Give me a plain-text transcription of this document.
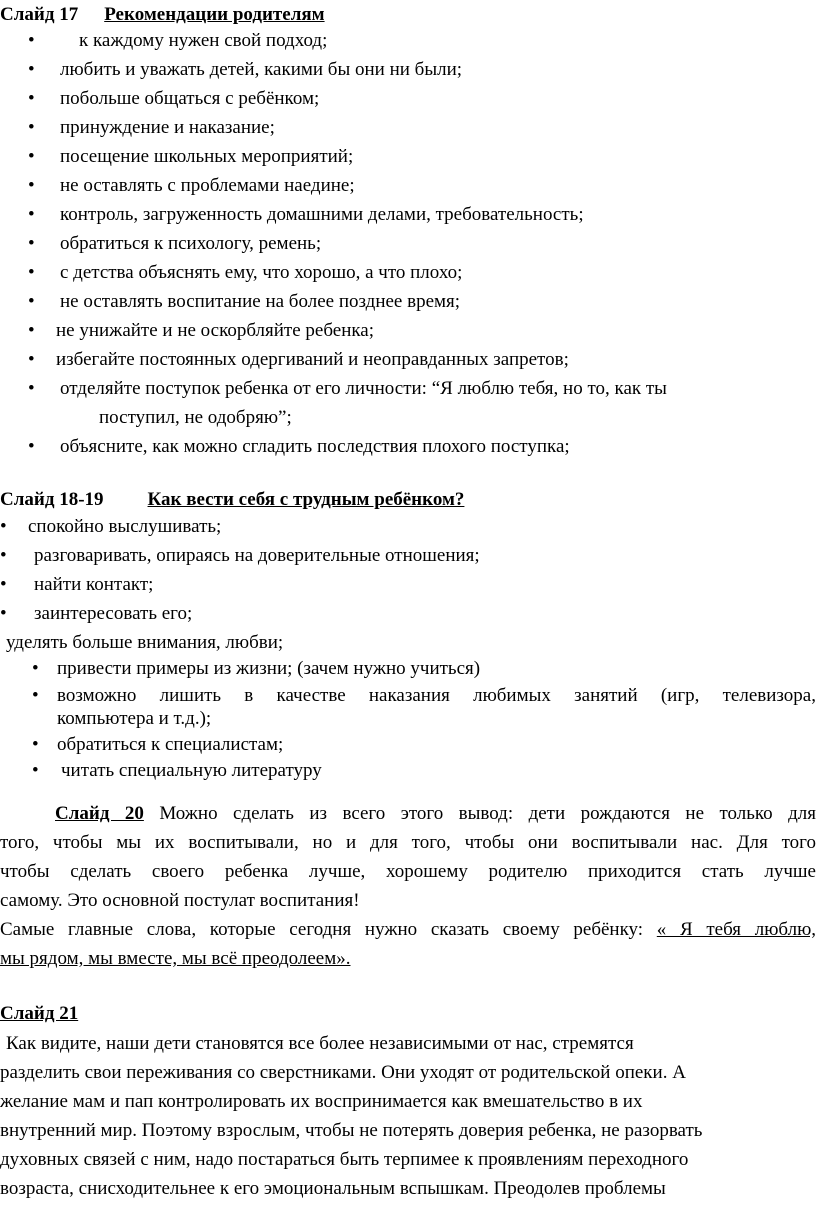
Слайд 17 Рекомендации родителям
• к каждому нужен свой подход;
• любить и уважать детей, какими бы они ни были;
• побольше общаться с ребёнком;
• принуждение и наказание;
• посещение школьных мероприятий;
• не оставлять с проблемами наедине;
• контроль, загруженность домашними делами, требовательность;
• обратиться к психологу, ремень;
• с детства объяснять ему, что хорошо, а что плохо;
• не оставлять воспитание на более позднее время;
• не унижайте и не оскорбляйте ребенка;
• избегайте постоянных одергиваний и неоправданных запретов;
• отделяйте поступок ребенка от его личности: “Я люблю тебя, но то, как ты
поступил, не одобряю”;
• объясните, как можно сгладить последствия плохого поступка;
Слайд 18-19 Как вести себя с трудным ребёнком?
• спокойно выслушивать;
• разговаривать, опираясь на доверительные отношения;
• найти контакт;
• заинтересовать его;
уделять больше внимания, любви;
• привести примеры из жизни; (зачем нужно учиться)
• возможно лишить в качестве наказания любимых занятий (игр, телевизора,
компьютера и т.д.);
• обратиться к специалистам;
• читать специальную литературу
Слайд 20 Можно сделать из всего этого вывод: дети рождаются не только для
того, чтобы мы их воспитывали, но и для того, чтобы они воспитывали нас. Для того
чтобы сделать своего ребенка лучше, хорошему родителю приходится стать лучше
самому. Это основной постулат воспитания!
Самые главные слова, которые сегодня нужно сказать своему ребёнку: « Я тебя люблю,
мы рядом, мы вместе, мы всё преодолеем».
Слайд 21
Как видите, наши дети становятся все более независимыми от нас, стремятся
разделить свои переживания со сверстниками. Они уходят от родительской опеки. А
желание мам и пап контролировать их воспринимается как вмешательство в их
внутренний мир. Поэтому взрослым, чтобы не потерять доверия ребенка, не разорвать
духовных связей с ним, надо постараться быть терпимее к проявлениям переходного
возраста, снисходительнее к его эмоциональным вспышкам. Преодолев проблемы
